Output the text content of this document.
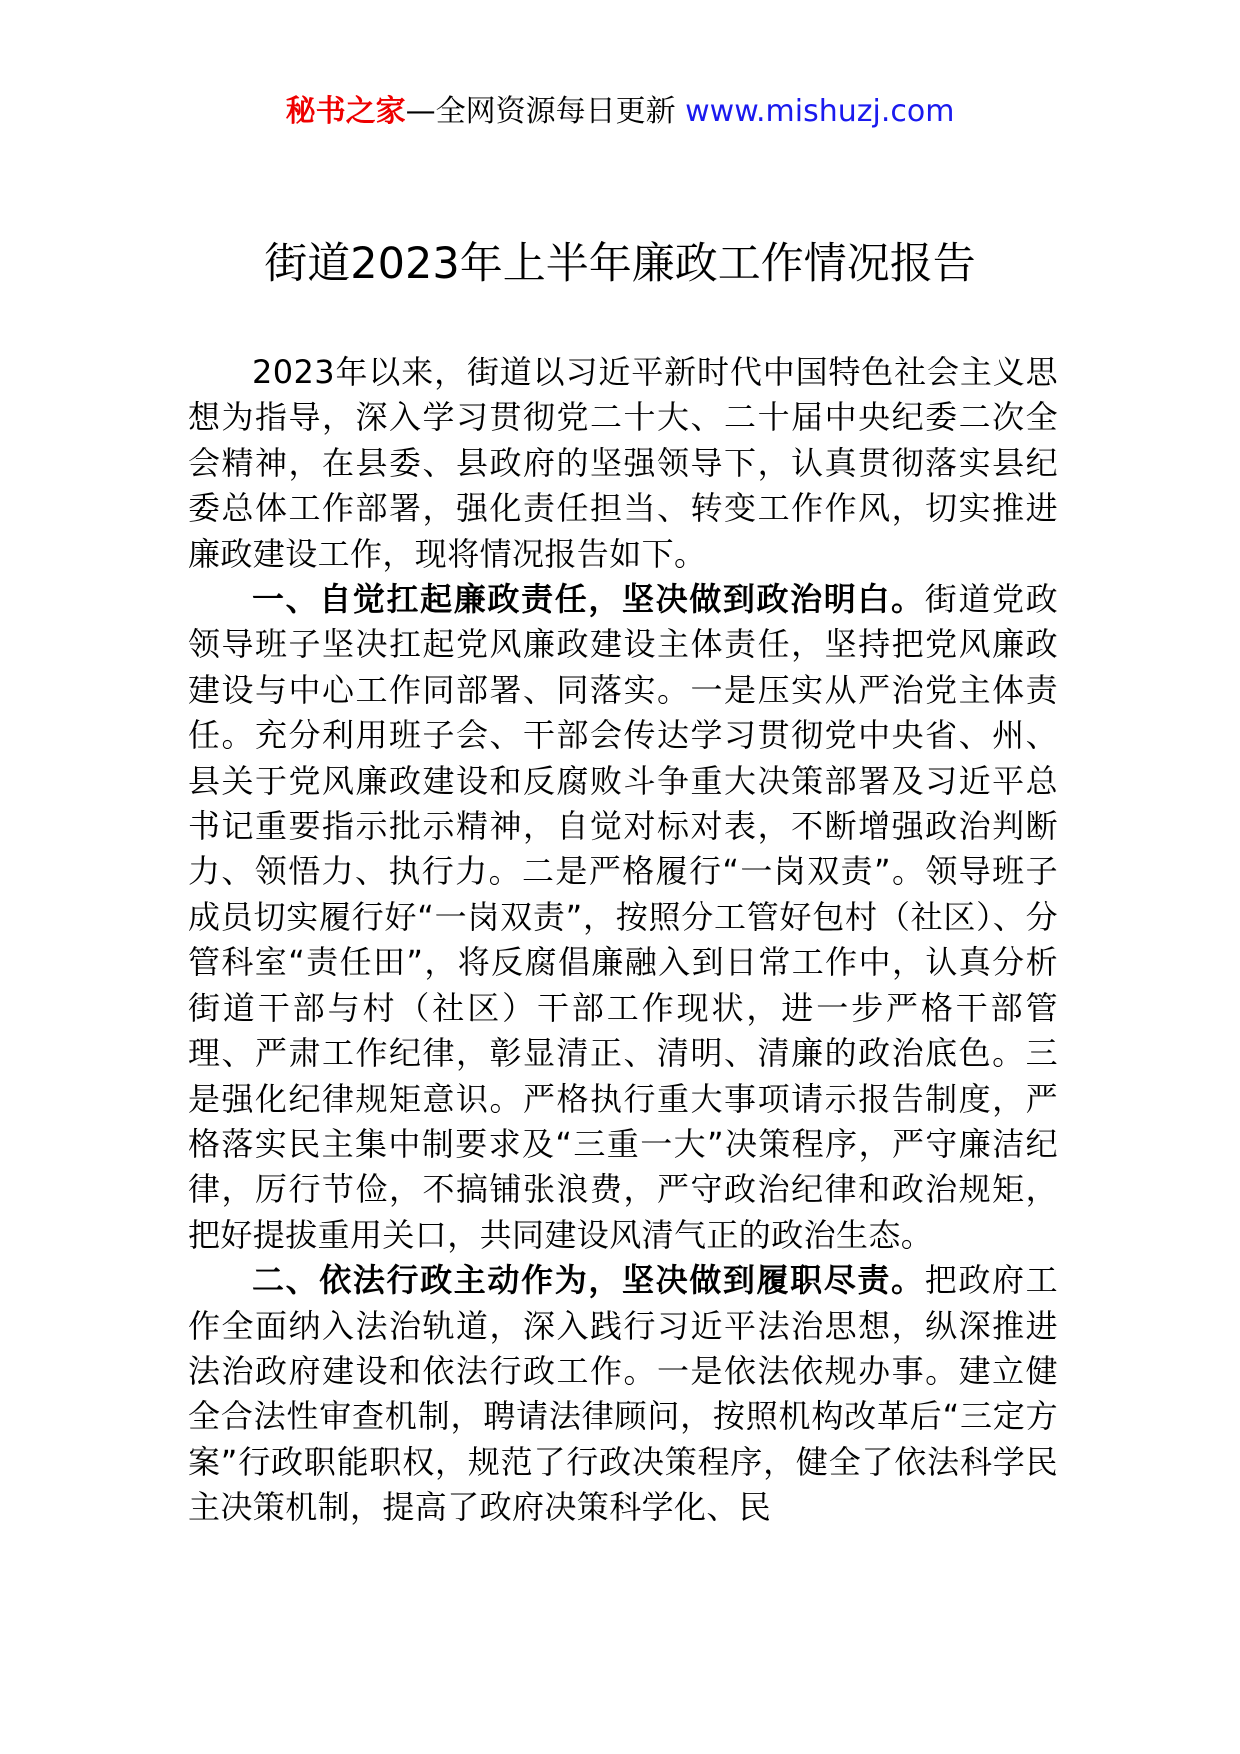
秘书之家—全网资源每日更新 www.mishuzj.com
街道2023年上半年廉政工作情况报告

2023年以来，街道以习近平新时代中国特色社会主义思想为指导，深入学习贯彻党二十大、二十届中央纪委二次全会精神，在县委、县政府的坚强领导下，认真贯彻落实县纪委总体工作部署，强化责任担当、转变工作作风，切实推进廉政建设工作，现将情况报告如下。

一、自觉扛起廉政责任，坚决做到政治明白。街道党政领导班子坚决扛起党风廉政建设主体责任，坚持把党风廉政建设与中心工作同部署、同落实。一是压实从严治党主体责任。充分利用班子会、干部会传达学习贯彻党中央省、州、县关于党风廉政建设和反腐败斗争重大决策部署及习近平总书记重要指示批示精神，自觉对标对表，不断增强政治判断力、领悟力、执行力。二是严格履行“一岗双责”。领导班子成员切实履行好“一岗双责”，按照分工管好包村（社区）、分管科室“责任田”，将反腐倡廉融入到日常工作中，认真分析街道干部与村（社区）干部工作现状，进一步严格干部管理、严肃工作纪律，彰显清正、清明、清廉的政治底色。三是强化纪律规矩意识。严格执行重大事项请示报告制度，严格落实民主集中制要求及“三重一大”决策程序，严守廉洁纪律，厉行节俭，不搞铺张浪费，严守政治纪律和政治规矩，把好提拔重用关口，共同建设风清气正的政治生态。

二、依法行政主动作为，坚决做到履职尽责。把政府工作全面纳入法治轨道，深入践行习近平法治思想，纵深推进法治政府建设和依法行政工作。一是依法依规办事。建立健全合法性审查机制，聘请法律顾问，按照机构改革后“三定方案”行政职能职权，规范了行政决策程序，健全了依法科学民主决策机制，提高了政府决策科学化、民
